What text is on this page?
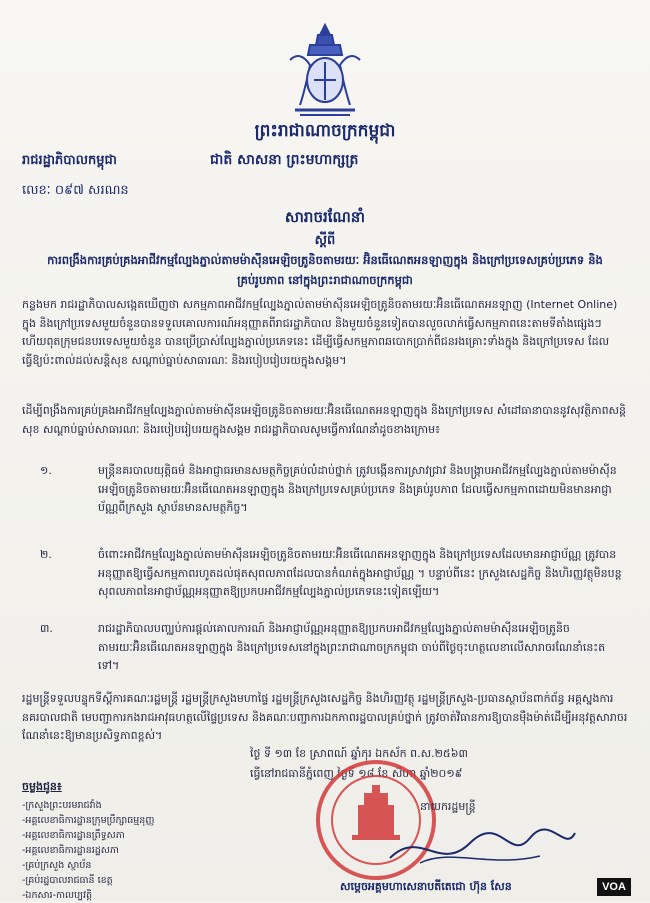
ព្រះរាជាណាចក្រកម្ពុជា
រាជរដ្ឋាភិបាលកម្ពុជា	ជាតិ សាសនា ព្រះមហាក្សត្រ
លេខៈ ០៩៧ សរណន
សារាចរណែនាំ
ស្តីពី
ការពង្រឹងការគ្រប់គ្រងអាជីវកម្មល្បែងភ្នាល់តាមម៉ាស៊ីនអេឡិចត្រូនិចតាមរយៈ អ៊ិនធើណេតអនឡាញក្នុង និងក្រៅប្រទេសគ្រប់ប្រភេទ និងគ្រប់រូបភាព នៅក្នុងព្រះរាជាណាចក្រកម្ពុជា
កន្លងមក រាជរដ្ឋាភិបាលសង្កេតឃើញថា សកម្មភាពអាជីវកម្មល្បែងភ្នាល់តាមម៉ាស៊ីនអេឡិចត្រូនិចតាមរយៈអ៊ិនធើណេតអនឡាញ (Internet Online) ក្នុង និងក្រៅប្រទេសមួយចំនួនបានទទួលគោលការណ៍អនុញ្ញាតពីរាជរដ្ឋាភិបាល និងមួយចំនួនទៀតបានលួចលាក់ធ្វើសកម្មភាពនេះតាមទីតាំងផ្សេងៗ ហើយពុតក្រុមជនបរទេសមួយចំនួន បានប្រើប្រាស់ល្បែងភ្នាល់ប្រភេទនេះ ដើម្បីធ្វើសកម្មភាពឆបោកប្រាក់ពីជនរងគ្រោះទាំងក្នុង និងក្រៅប្រទេស ដែលធ្វើឱ្យប៉ះពាល់ដល់សន្តិសុខ សណ្តាប់ធ្នាប់សាធារណៈ និងរបៀបរៀបរយក្នុងសង្គម។
ដើម្បីពង្រឹងការគ្រប់គ្រងអាជីវកម្មល្បែងភ្នាល់តាមម៉ាស៊ីនអេឡិចត្រូនិចតាមរយៈអ៊ិនធើណេតអនឡាញក្នុង និងក្រៅប្រទេស សំដៅធានាបាននូវសុវត្ថិភាពសន្តិសុខ សណ្តាប់ធ្នាប់សាធារណៈ និងរបៀបរៀបរយក្នុងសង្គម រាជរដ្ឋាភិបាលសូមធ្វើការណែនាំដូចខាងក្រោម៖
១.	មន្ត្រីនគរបាលយុត្តិធម៌ និងអាជ្ញាធរមានសមត្ថកិច្ចគ្រប់លំដាប់ថ្នាក់ ត្រូវបង្កើនការស្រាវជ្រាវ និងបង្ក្រាបអាជីវកម្មល្បែងភ្នាល់តាមម៉ាស៊ីនអេឡិចត្រូនិចតាមរយៈអ៊ិនធើណេតអនឡាញក្នុង និងក្រៅប្រទេសគ្រប់ប្រភេទ និងគ្រប់រូបភាព ដែលធ្វើសកម្មភាពដោយមិនមានអាជ្ញាប័ណ្ណពីក្រសួង ស្ថាប័នមានសមត្ថកិច្ច។
២.	ចំពោះអាជីវកម្មល្បែងភ្នាល់តាមម៉ាស៊ីនអេឡិចត្រូនិចតាមរយៈអ៊ិនធើណេតអនឡាញក្នុង និងក្រៅប្រទេសដែលមានអាជ្ញាប័ណ្ណ ត្រូវបានអនុញ្ញាតឱ្យធ្វើសកម្មភាពរហូតដល់ផុតសុពលភាពដែលបានកំណត់ក្នុងអាជ្ញាប័ណ្ណ ។ បន្ទាប់ពីនេះ ក្រសួងសេដ្ឋកិច្ច និងហិរញ្ញវត្ថុមិនបន្តសុពលភាពនៃអាជ្ញាប័ណ្ណអនុញ្ញាតឱ្យប្រកបអាជីវកម្មល្បែងភ្នាល់ប្រភេទនេះទៀតឡើយ។
៣.	រាជរដ្ឋាភិបាលបញ្ឈប់ការផ្តល់គោលការណ៍ និងអាជ្ញាប័ណ្ណអនុញ្ញាតឱ្យប្រកបអាជីវកម្មល្បែងភ្នាល់តាមម៉ាស៊ីនអេឡិចត្រូនិចតាមរយៈអ៊ិនធើណេតអនឡាញក្នុង និងក្រៅប្រទេសនៅក្នុងព្រះរាជាណាចក្រកម្ពុជា ចាប់ពីថ្ងៃចុះហត្ថលេខាលើសារាចរណែនាំនេះតទៅ។
រដ្ឋមន្ត្រីទទួលបន្ទុកទីស្តីការគណៈរដ្ឋមន្ត្រី រដ្ឋមន្ត្រីក្រសួងមហាផ្ទៃ រដ្ឋមន្ត្រីក្រសួងសេដ្ឋកិច្ច និងហិរញ្ញវត្ថុ រដ្ឋមន្ត្រីក្រសួង-ប្រធានស្ថាប័នពាក់ព័ន្ធ អគ្គស្នងការនគរបាលជាតិ មេបញ្ជាការកងរាជអាវុធហត្ថលើផ្ទៃប្រទេស និងគណៈបញ្ជាការឯកភាពរដ្ឋបាលគ្រប់ថ្នាក់ ត្រូវចាត់វិធានការឱ្យបានម៉ឺងម៉ាត់ដើម្បីអនុវត្តសារាចរណែនាំនេះឱ្យមានប្រសិទ្ធភាពខ្ពស់។
ថ្ងៃ ទី ១៣ ខែ ស្រាពណ៍ ឆ្នាំកុរ ឯកស័ក ព.ស.២៥៦៣
ធ្វើនៅរាជធានីភ្នំពេញ ថ្ងៃទី ១៨ ខែ សីហា ឆ្នាំ២០១៩
នាយករដ្ឋមន្ត្រី
សម្តេចអគ្គមហាសេនាបតីតេជោ ហ៊ុន សែន
ចម្លងជូន៖
-ក្រសួងព្រះបរមរាជវាំង
-អគ្គលេខាធិការដ្ឋានក្រុមប្រឹក្សាធម្មនុញ្ញ
-អគ្គលេខាធិការដ្ឋានព្រឹទ្ធសភា
-អគ្គលេខាធិការដ្ឋានរដ្ឋសភា
-គ្រប់ក្រសួង ស្ថាប័ន
-គ្រប់រដ្ឋបាលរាជធានី ខេត្ត
-ឯកសារ-កាលប្បវត្តិ
VOA
